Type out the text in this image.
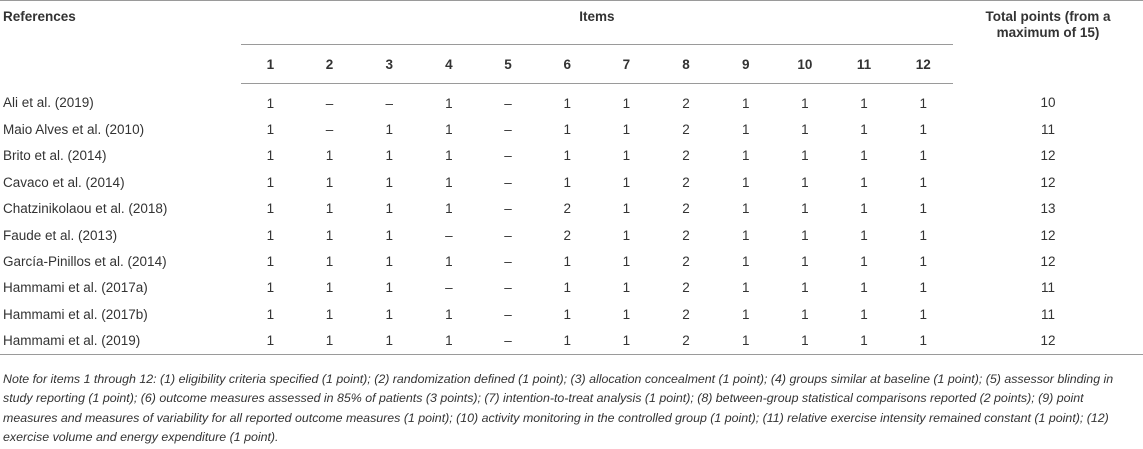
References	Items												Total points (from a maximum of 15)
	1	2	3	4	5	6	7	8	9	10	11	12	
Ali et al. (2019)	1	–	–	1	–	1	1	2	1	1	1	1	10
Maio Alves et al. (2010)	1	–	1	1	–	1	1	2	1	1	1	1	11
Brito et al. (2014)	1	1	1	1	–	1	1	2	1	1	1	1	12
Cavaco et al. (2014)	1	1	1	1	–	1	1	2	1	1	1	1	12
Chatzinikolaou et al. (2018)	1	1	1	1	–	2	1	2	1	1	1	1	13
Faude et al. (2013)	1	1	1	–	–	2	1	2	1	1	1	1	12
García-Pinillos et al. (2014)	1	1	1	1	–	1	1	2	1	1	1	1	12
Hammami et al. (2017a)	1	1	1	–	–	1	1	2	1	1	1	1	11
Hammami et al. (2017b)	1	1	1	1	–	1	1	2	1	1	1	1	11
Hammami et al. (2019)	1	1	1	1	–	1	1	2	1	1	1	1	12
Note for items 1 through 12: (1) eligibility criteria specified (1 point); (2) randomization defined (1 point); (3) allocation concealment (1 point); (4) groups similar at baseline (1 point); (5) assessor blinding in study reporting (1 point); (6) outcome measures assessed in 85% of patients (3 points); (7) intention-to-treat analysis (1 point); (8) between-group statistical comparisons reported (2 points); (9) point measures and measures of variability for all reported outcome measures (1 point); (10) activity monitoring in the controlled group (1 point); (11) relative exercise intensity remained constant (1 point); (12) exercise volume and energy expenditure (1 point).
